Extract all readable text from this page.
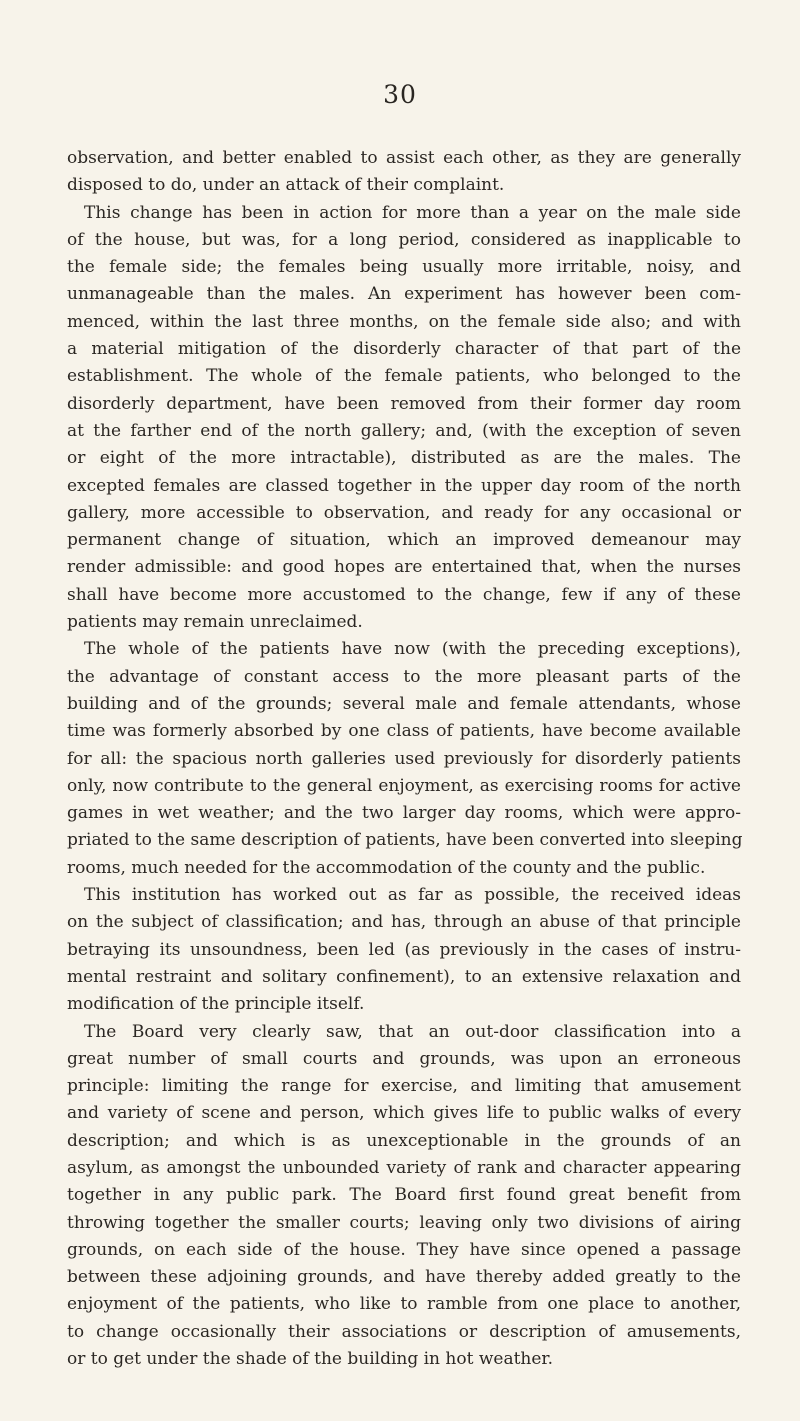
30
observation, and better enabled to assist each other, as they are generally
disposed to do, under an attack of their complaint.
This change has been in action for more than a year on the male side
of the house, but was, for a long period, considered as inapplicable to
the female side; the females being usually more irritable, noisy, and
unmanageable than the males. An experiment has however been com-
menced, within the last three months, on the female side also; and with
a material mitigation of the disorderly character of that part of the
establishment. The whole of the female patients, who belonged to the
disorderly department, have been removed from their former day room
at the farther end of the north gallery; and, (with the exception of seven
or eight of the more intractable), distributed as are the males. The
excepted females are classed together in the upper day room of the north
gallery, more accessible to observation, and ready for any occasional or
permanent change of situation, which an improved demeanour may
render admissible: and good hopes are entertained that, when the nurses
shall have become more accustomed to the change, few if any of these
patients may remain unreclaimed.
The whole of the patients have now (with the preceding exceptions),
the advantage of constant access to the more pleasant parts of the
building and of the grounds; several male and female attendants, whose
time was formerly absorbed by one class of patients, have become available
for all: the spacious north galleries used previously for disorderly patients
only, now contribute to the general enjoyment, as exercising rooms for active
games in wet weather; and the two larger day rooms, which were appro-
priated to the same description of patients, have been converted into sleeping
rooms, much needed for the accommodation of the county and the public.
This institution has worked out as far as possible, the received ideas
on the subject of classification; and has, through an abuse of that principle
betraying its unsoundness, been led (as previously in the cases of instru-
mental restraint and solitary confinement), to an extensive relaxation and
modification of the principle itself.
The Board very clearly saw, that an out-door classification into a
great number of small courts and grounds, was upon an erroneous
principle: limiting the range for exercise, and limiting that amusement
and variety of scene and person, which gives life to public walks of every
description; and which is as unexceptionable in the grounds of an
asylum, as amongst the unbounded variety of rank and character appearing
together in any public park. The Board first found great benefit from
throwing together the smaller courts; leaving only two divisions of airing
grounds, on each side of the house. They have since opened a passage
between these adjoining grounds, and have thereby added greatly to the
enjoyment of the patients, who like to ramble from one place to another,
to change occasionally their associations or description of amusements,
or to get under the shade of the building in hot weather.
